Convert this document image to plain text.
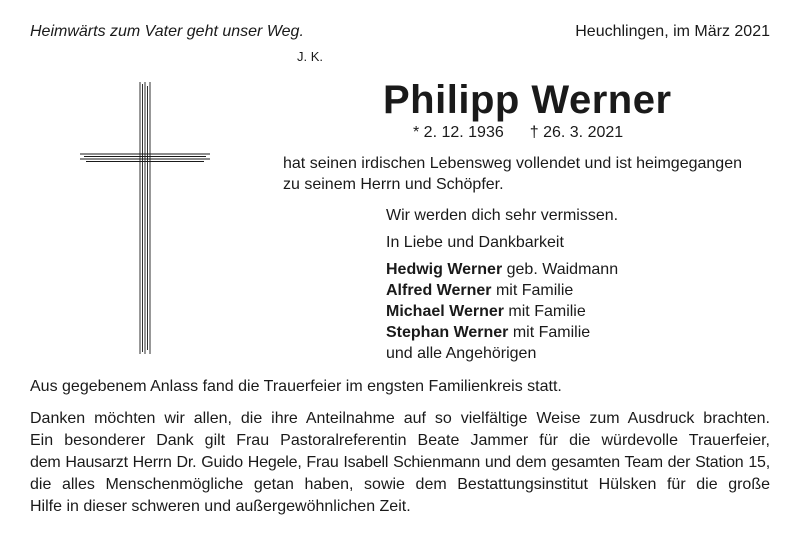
Heimwärts zum Vater geht unser Weg.
J. K.
Heuchlingen, im März 2021
Philipp Werner
* 2. 12. 1936 † 26. 3. 2021
hat seinen irdischen Lebensweg vollendet und ist heimgegangen
zu seinem Herrn und Schöpfer.
Wir werden dich sehr vermissen.
In Liebe und Dankbarkeit
Hedwig Werner geb. Waidmann
Alfred Werner mit Familie
Michael Werner mit Familie
Stephan Werner mit Familie
und alle Angehörigen
Aus gegebenem Anlass fand die Trauerfeier im engsten Familienkreis statt.
Danken möchten wir allen, die ihre Anteilnahme auf so vielfältige Weise zum Ausdruck brachten.
Ein besonderer Dank gilt Frau Pastoralreferentin Beate Jammer für die würdevolle Trauerfeier,
dem Hausarzt Herrn Dr. Guido Hegele, Frau Isabell Schienmann und dem gesamten Team der Station 15,
die alles Menschenmögliche getan haben, sowie dem Bestattungsinstitut Hülsken für die große
Hilfe in dieser schweren und außergewöhnlichen Zeit.
